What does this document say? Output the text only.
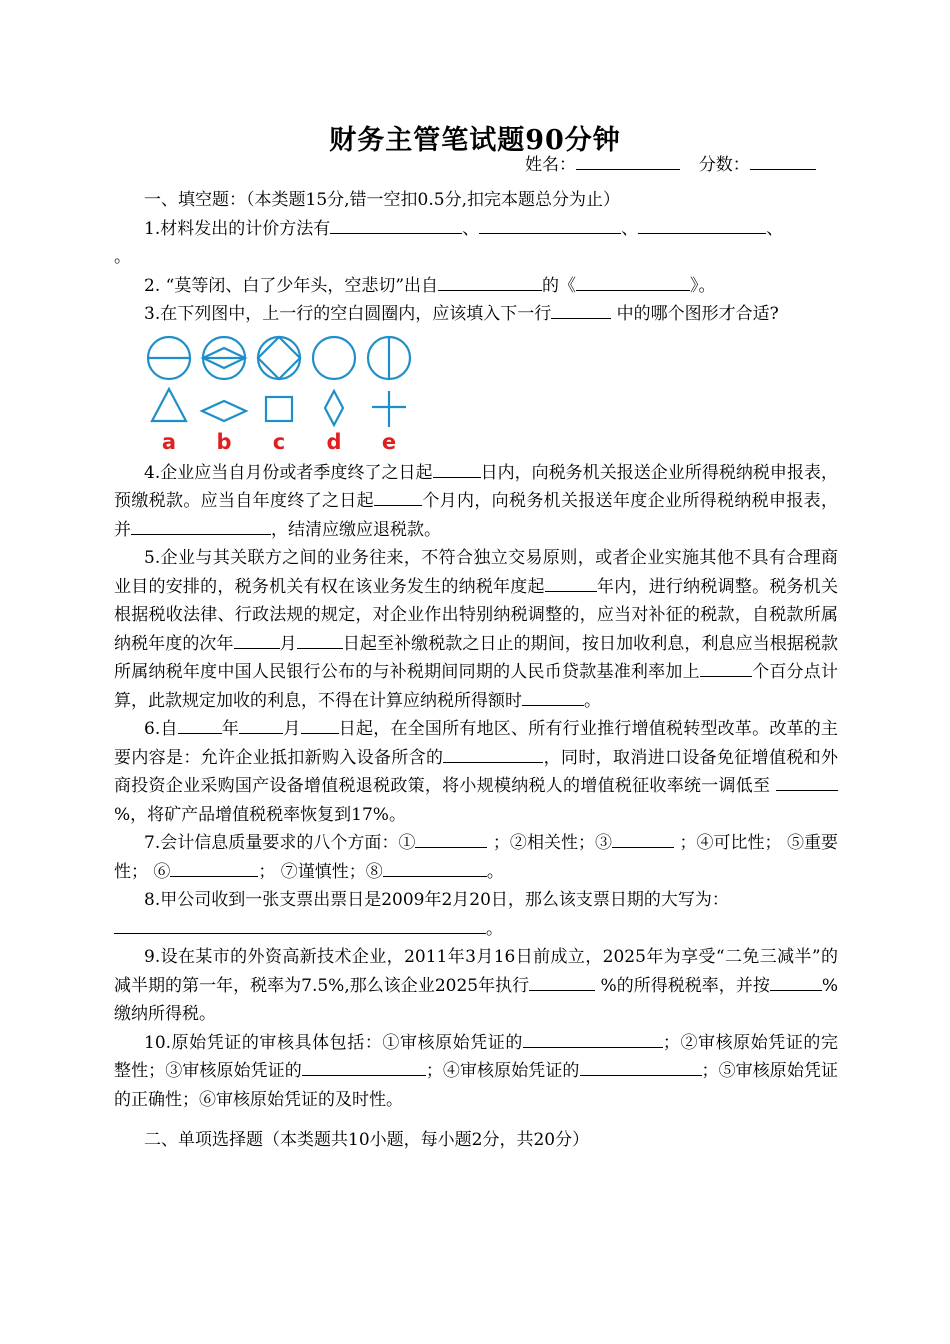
财务主管笔试题90分钟
姓名：	分数：

一、填空题：（本类题15分,错一空扣0.5分,扣完本题总分为止）

1.材料发出的计价方法有	、	、	、

。

2. “莫等闭、白了少年头，空悲切”出自	的《	》。

3.在下列图中，上一行的空白圆圈内，应该填入下一行	中的哪个图形才合适?

a b c d e

4.企业应当自月份或者季度终了之日起	日内，向税务机关报送企业所得税纳税申报表，预缴税款。应当自年度终了之日起	个月内，向税务机关报送年度企业所得税纳税申报表，并	，结清应缴应退税款。

5.企业与其关联方之间的业务往来，不符合独立交易原则，或者企业实施其他不具有合理商业目的安排的，税务机关有权在该业务发生的纳税年度起	年内，进行纳税调整。税务机关根据税收法律、行政法规的规定，对企业作出特别纳税调整的，应当对补征的税款，自税款所属纳税年度的次年	月	日起至补缴税款之日止的期间，按日加收利息，利息应当根据税款所属纳税年度中国人民银行公布的与补税期间同期的人民币贷款基准利率加上	个百分点计算，此款规定加收的利息，不得在计算应纳税所得额时	。

6.自	年	月 日起，在全国所有地区、所有行业推行增值税转型改革。改革的主要内容是：允许企业抵扣新购入设备所含的	，同时，取消进口设备免征增值税和外商投资企业采购国产设备增值税退税政策，将小规模纳税人的增值税征收率统一调低至 %，将矿产品增值税税率恢复到17%。

7.会计信息质量要求的八个方面：①	；②相关性；③	；④可比性； ⑤重要性； ⑥	； ⑦谨慎性；⑧	。

8.甲公司收到一张支票出票日是2009年2月20日，那么该支票日期的大写为：
。

9.设在某市的外资高新技术企业，2011年3月16日前成立，2025年为享受“二免三减半”的减半期的第一年，税率为7.5%,那么该企业2025年执行	%的所得税税率，并按	%缴纳所得税。

10.原始凭证的审核具体包括：①审核原始凭证的	；②审核原始凭证的完整性；③审核原始凭证的	；④审核原始凭证的	；⑤审核原始凭证的正确性；⑥审核原始凭证的及时性。

二、单项选择题（本类题共10小题，每小题2分，共20分）
